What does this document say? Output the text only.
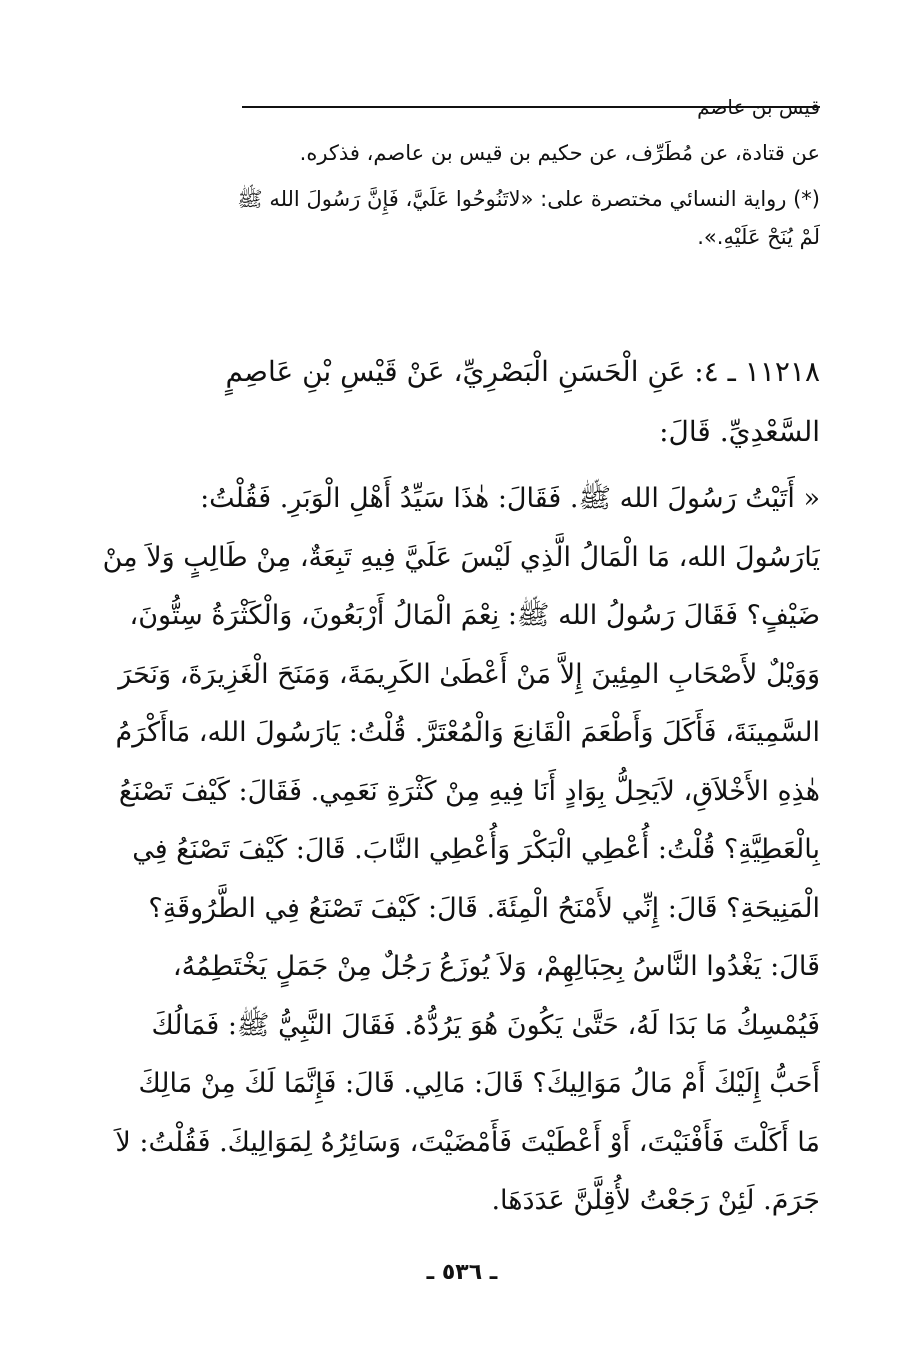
قيس بن عاصم

عن قتادة، عن مُطَرِّف، عن حكيم بن قيس بن عاصم، فذكره.

(*) رواية النسائي مختصرة على: «لاتَنُوحُوا عَلَيَّ، فَإِنَّ رَسُولَ الله ﷺ
لَمْ يُنَحْ عَلَيْهِ.».

١١٢١٨ ـ ٤: عَنِ الْحَسَنِ الْبَصْرِيِّ، عَنْ قَيْسِ بْنِ عَاصِمٍ
السَّعْدِيِّ. قَالَ:

« أَتَيْتُ رَسُولَ الله ﷺ. فَقَالَ: هٰذَا سَيِّدُ أَهْلِ الْوَبَرِ. فَقُلْتُ:
يَارَسُولَ الله، مَا الْمَالُ الَّذِي لَيْسَ عَلَيَّ فِيهِ تَبِعَةٌ، مِنْ طَالِبٍ وَلاَ مِنْ
ضَيْفٍ؟ فَقَالَ رَسُولُ الله ﷺ: نِعْمَ الْمَالُ أَرْبَعُونَ، وَالْكَثْرَةُ سِتُّونَ،
وَوَيْلٌ لأَصْحَابِ المِئِينَ إِلاَّ مَنْ أَعْطَىٰ الكَرِيمَةَ، وَمَنَحَ الْغَزِيرَةَ، وَنَحَرَ
السَّمِينَةَ، فَأَكَلَ وَأَطْعَمَ الْقَانِعَ وَالْمُعْتَرَّ. قُلْتُ: يَارَسُولَ الله، مَاأَكْرَمُ
هٰذِهِ الأَخْلاَقِ، لاَيَحِلُّ بِوَادٍ أَنَا فِيهِ مِنْ كَثْرَةِ نَعَمِي. فَقَالَ: كَيْفَ تَصْنَعُ
بِالْعَطِيَّةِ؟ قُلْتُ: أُعْطِي الْبَكْرَ وَأُعْطِي النَّابَ. قَالَ: كَيْفَ تَصْنَعُ فِي
الْمَنِيحَةِ؟ قَالَ: إِنِّي لأَمْنَحُ الْمِئَةَ. قَالَ: كَيْفَ تَصْنَعُ فِي الطَّرُوقَةِ؟
قَالَ: يَغْدُوا النَّاسُ بِحِبَالِهِمْ، وَلاَ يُوزَعُ رَجُلٌ مِنْ جَمَلٍ يَخْتَطِمُهُ،
فَيُمْسِكُ مَا بَدَا لَهُ، حَتَّىٰ يَكُونَ هُوَ يَرُدُّهُ. فَقَالَ النَّبِيُّ ﷺ: فَمَالُكَ
أَحَبُّ إِلَيْكَ أَمْ مَالُ مَوَالِيكَ؟ قَالَ: مَالِي. قَالَ: فَإِنَّمَا لَكَ مِنْ مَالِكَ
مَا أَكَلْتَ فَأَفْنَيْتَ، أَوْ أَعْطَيْتَ فَأَمْضَيْتَ، وَسَائِرُهُ لِمَوَالِيكَ. فَقُلْتُ: لاَ
جَرَمَ. لَئِنْ رَجَعْتُ لأُقِلَّنَّ عَدَدَهَا.

ـ ٥٣٦ ـ
